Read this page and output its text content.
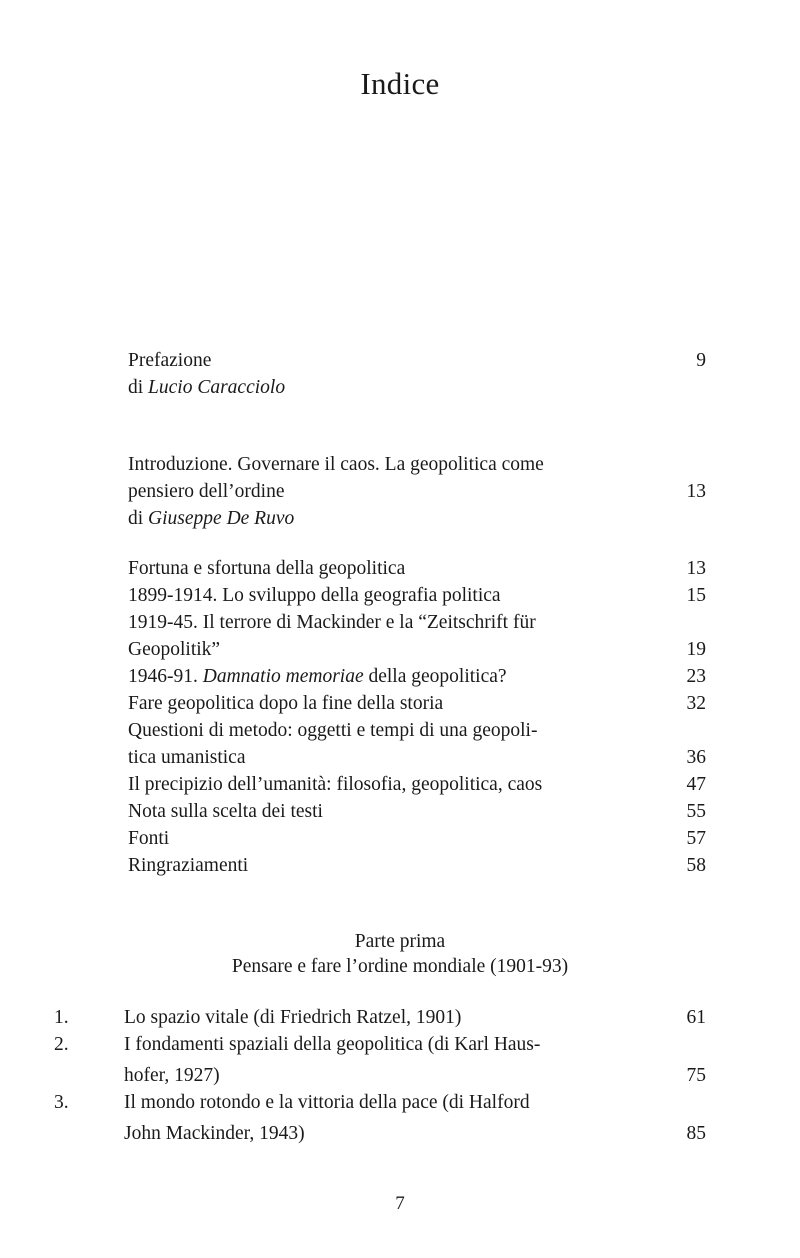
Indice
Prefazione	9
di Lucio Caracciolo
Introduzione. Governare il caos. La geopolitica come
pensiero dell’ordine	13
di Giuseppe De Ruvo
Fortuna e sfortuna della geopolitica	13
1899-1914. Lo sviluppo della geografia politica	15
1919-45. Il terrore di Mackinder e la “Zeitschrift für
Geopolitik”	19
1946-91. Damnatio memoriae della geopolitica?	23
Fare geopolitica dopo la fine della storia	32
Questioni di metodo: oggetti e tempi di una geopoli-
tica umanistica	36
Il precipizio dell’umanità: filosofia, geopolitica, caos	47
Nota sulla scelta dei testi	55
Fonti	57
Ringraziamenti	58
Parte prima
Pensare e fare l’ordine mondiale (1901-93)
1.	Lo spazio vitale (di Friedrich Ratzel, 1901)	61
2.	I fondamenti spaziali della geopolitica (di Karl Haus-
hofer, 1927)	75
3.	Il mondo rotondo e la vittoria della pace (di Halford
John Mackinder, 1943)	85
7
